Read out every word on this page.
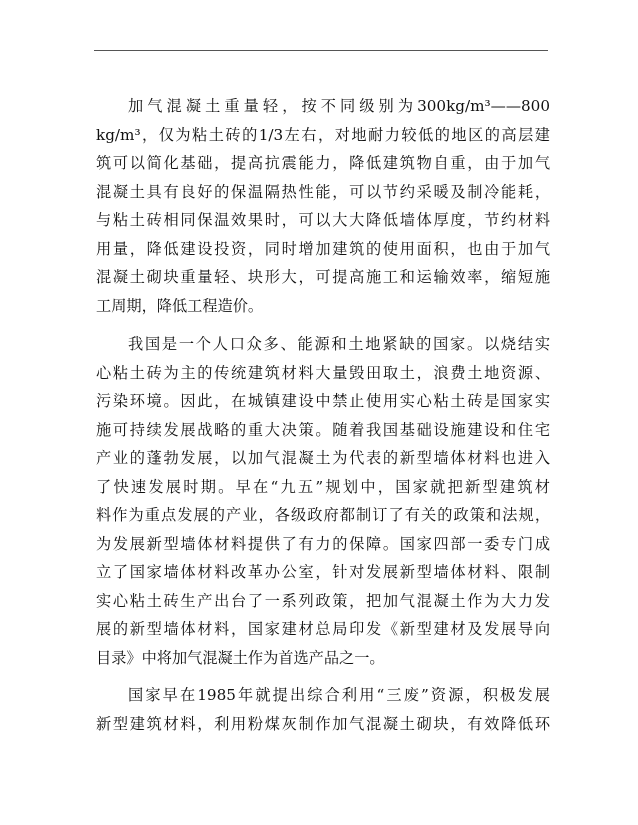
加气混凝土重量轻，按不同级别为300kg/m³——800
kg/m³，仅为粘土砖的1/3左右，对地耐力较低的地区的高层建
筑可以简化基础，提高抗震能力，降低建筑物自重，由于加气
混凝土具有良好的保温隔热性能，可以节约采暖及制冷能耗，
与粘土砖相同保温效果时，可以大大降低墙体厚度，节约材料
用量，降低建设投资，同时增加建筑的使用面积，也由于加气
混凝土砌块重量轻、块形大，可提高施工和运输效率，缩短施
工周期，降低工程造价。
我国是一个人口众多、能源和土地紧缺的国家。以烧结实
心粘土砖为主的传统建筑材料大量毁田取土，浪费土地资源、
污染环境。因此，在城镇建设中禁止使用实心粘土砖是国家实
施可持续发展战略的重大决策。随着我国基础设施建设和住宅
产业的蓬勃发展，以加气混凝土为代表的新型墙体材料也进入
了快速发展时期。早在“九五”规划中，国家就把新型建筑材
料作为重点发展的产业，各级政府都制订了有关的政策和法规，
为发展新型墙体材料提供了有力的保障。国家四部一委专门成
立了国家墙体材料改革办公室，针对发展新型墙体材料、限制
实心粘土砖生产出台了一系列政策，把加气混凝土作为大力发
展的新型墙体材料，国家建材总局印发《新型建材及发展导向
目录》中将加气混凝土作为首选产品之一。
国家早在1985年就提出综合利用“三废”资源，积极发展
新型建筑材料，利用粉煤灰制作加气混凝土砌块，有效降低环
